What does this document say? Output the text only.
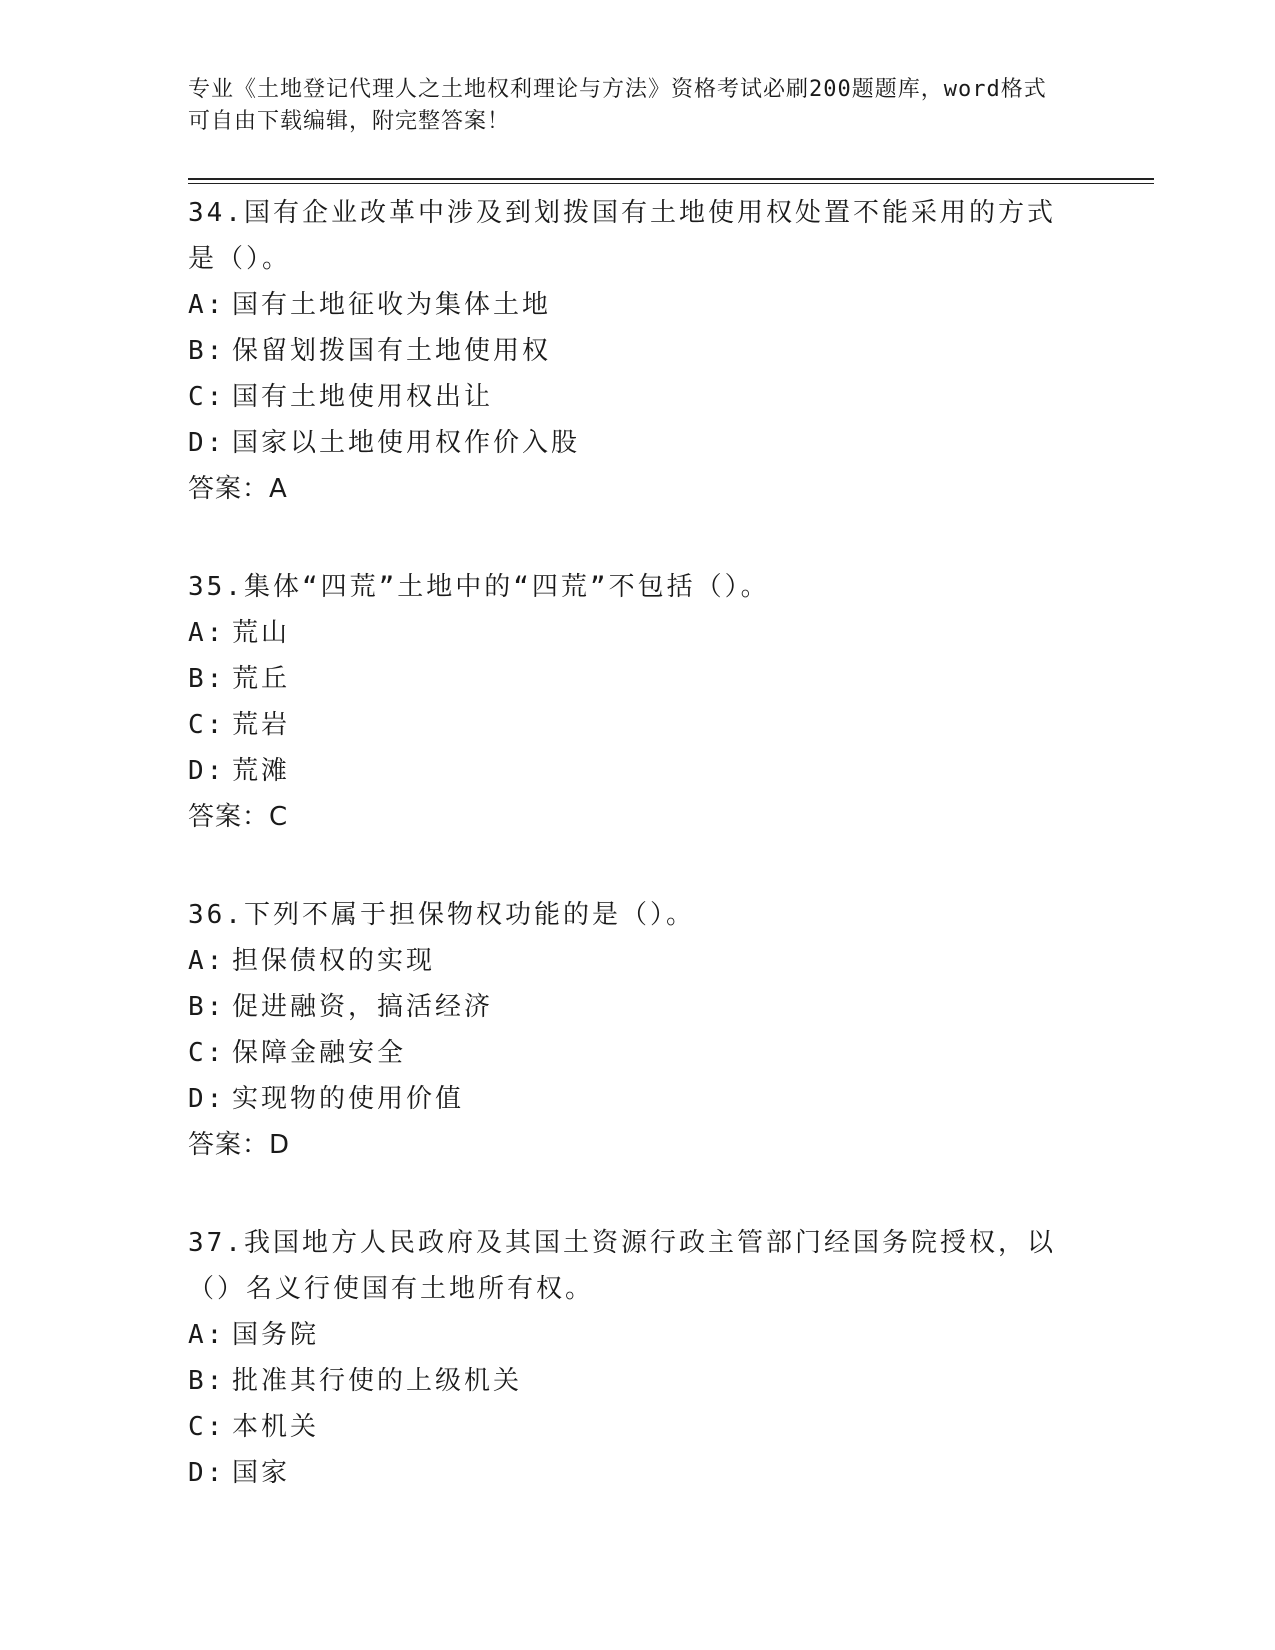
专业《土地登记代理人之土地权利理论与方法》资格考试必刷200题题库，word格式可自由下载编辑，附完整答案！
34.国有企业改革中涉及到划拨国有土地使用权处置不能采用的方式是（）。
A: 国有土地征收为集体土地
B: 保留划拨国有土地使用权
C: 国有土地使用权出让
D: 国家以土地使用权作价入股
答案：A
35.集体“四荒”土地中的“四荒”不包括（）。
A: 荒山
B: 荒丘
C: 荒岩
D: 荒滩
答案：C
36.下列不属于担保物权功能的是（）。
A: 担保债权的实现
B: 促进融资，搞活经济
C: 保障金融安全
D: 实现物的使用价值
答案：D
37.我国地方人民政府及其国土资源行政主管部门经国务院授权，以（）名义行使国有土地所有权。
A: 国务院
B: 批准其行使的上级机关
C: 本机关
D: 国家
